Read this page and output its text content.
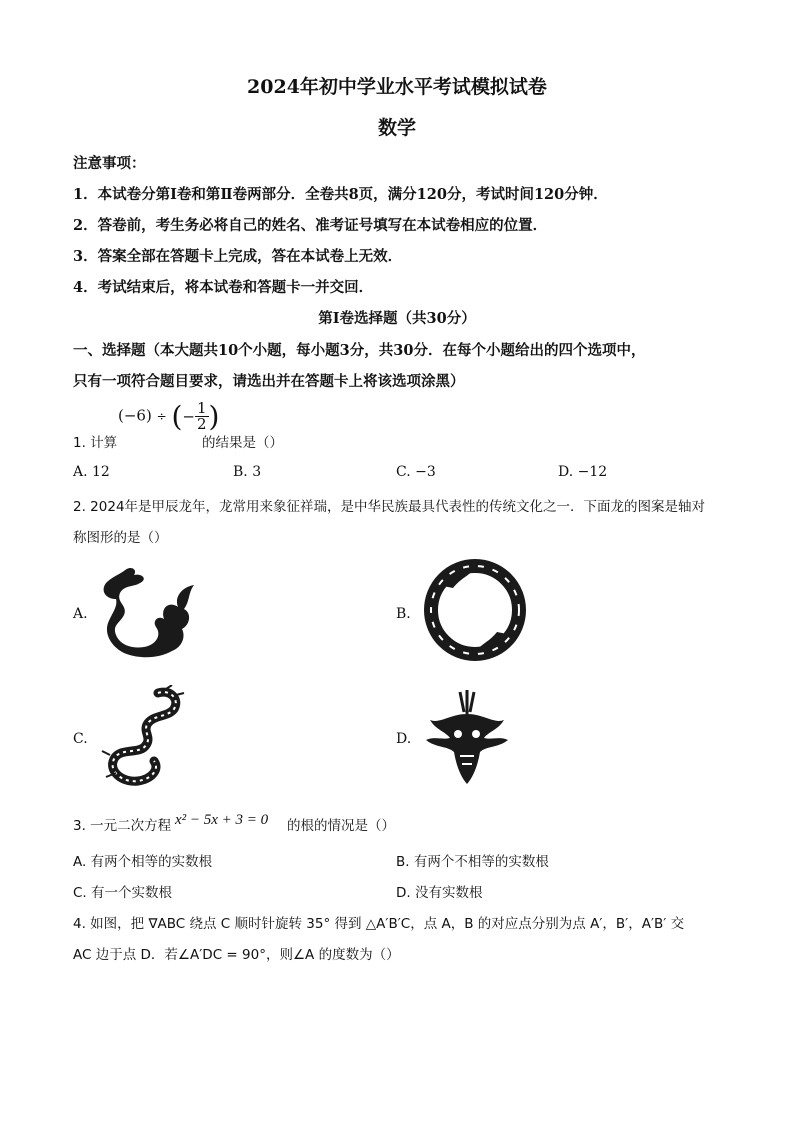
2024年初中学业水平考试模拟试卷
数学
注意事项：
1．本试卷分第Ⅰ卷和第Ⅱ卷两部分．全卷共8页，满分120分，考试时间120分钟．
2．答卷前，考生务必将自己的姓名、准考证号填写在本试卷相应的位置．
3．答案全部在答题卡上完成，答在本试卷上无效．
4．考试结束后，将本试卷和答题卡一并交回．
第Ⅰ卷选择题（共30分）
一、选择题（本大题共10个小题，每小题3分，共30分．在每个小题给出的四个选项中，
只有一项符合题目要求，请选出并在答题卡上将该选项涂黑）
1. 计算
(−6) ÷ (− $\frac{1}{2}$ )
的结果是（）
A. 12	B. 3	C. −3	D. −12
2. 2024年是甲辰龙年，龙常用来象征祥瑞，是中华民族最具代表性的传统文化之一．下面龙的图案是轴对
称图形的是（）
A.	B.
C.	D.
3. 一元二次方程 x² − 5x + 3 = 0 的根的情况是（）
A. 有两个相等的实数根	B. 有两个不相等的实数根
C. 有一个实数根	D. 没有实数根
4. 如图，把 ∇ABC 绕点 C 顺时针旋转 35° 得到 △A′B′C，点 A，B 的对应点分别为点 A′，B′，A′B′ 交
AC 边于点 D．若∠A′DC = 90°，则∠A 的度数为（）
